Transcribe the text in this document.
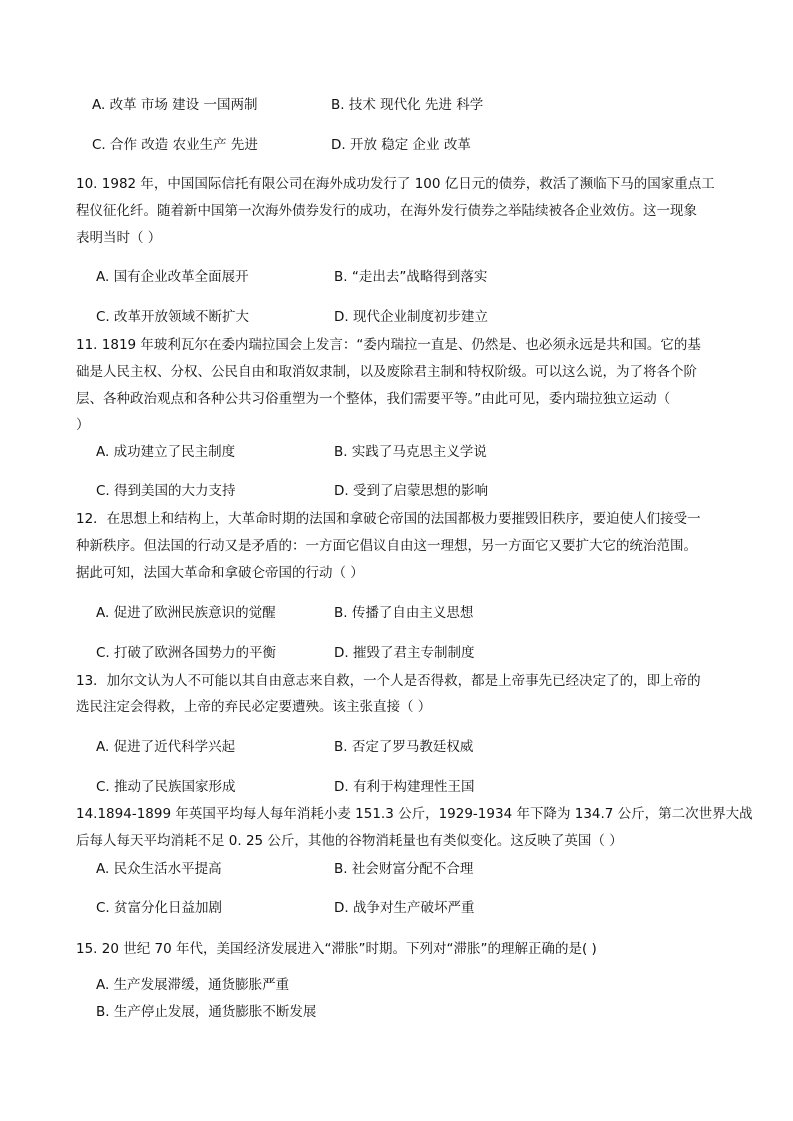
A. 改革 市场 建设 一国两制	B. 技术 现代化 先进 科学
C. 合作 改造 农业生产 先进	D. 开放 稳定 企业 改革
10. 1982 年，中国国际信托有限公司在海外成功发行了 100 亿日元的债券，救活了濒临下马的国家重点工
程仪征化纤。随着新中国第一次海外债券发行的成功，在海外发行债券之举陆续被各企业效仿。这一现象
表明当时（ ）
A. 国有企业改革全面展开	B. “走出去”战略得到落实
C. 改革开放领域不断扩大	D. 现代企业制度初步建立
11. 1819 年玻利瓦尔在委内瑞拉国会上发言：“委内瑞拉一直是、仍然是、也必须永远是共和国。它的基
础是人民主权、分权、公民自由和取消奴隶制，以及废除君主制和特权阶级。可以这么说，为了将各个阶
层、各种政治观点和各种公共习俗重塑为一个整体，我们需要平等。”由此可见，委内瑞拉独立运动（
）
A. 成功建立了民主制度	B. 实践了马克思主义学说
C. 得到美国的大力支持	D. 受到了启蒙思想的影响
12．在思想上和结构上，大革命时期的法国和拿破仑帝国的法国都极力要摧毁旧秩序，要迫使人们接受一
种新秩序。但法国的行动又是矛盾的：一方面它倡议自由这一理想，另一方面它又要扩大它的统治范围。
据此可知，法国大革命和拿破仑帝国的行动（ ）
A. 促进了欧洲民族意识的觉醒	B. 传播了自由主义思想
C. 打破了欧洲各国势力的平衡	D. 摧毁了君主专制制度
13．加尔文认为人不可能以其自由意志来自救，一个人是否得救，都是上帝事先已经决定了的，即上帝的
选民注定会得救，上帝的弃民必定要遭殃。该主张直接（ ）
A. 促进了近代科学兴起	B. 否定了罗马教廷权威
C. 推动了民族国家形成	D. 有利于构建理性王国
14.1894-1899 年英国平均每人每年消耗小麦 151.3 公斤，1929-1934 年下降为 134.7 公斤，第二次世界大战
后每人每天平均消耗不足 0. 25 公斤，其他的谷物消耗量也有类似变化。这反映了英国（ ）
A. 民众生活水平提高	B. 社会财富分配不合理
C. 贫富分化日益加剧	D. 战争对生产破坏严重
15. 20 世纪 70 年代，美国经济发展进入“滞胀”时期。下列对“滞胀”的理解正确的是( )
A. 生产发展滞缓，通货膨胀严重
B. 生产停止发展，通货膨胀不断发展
